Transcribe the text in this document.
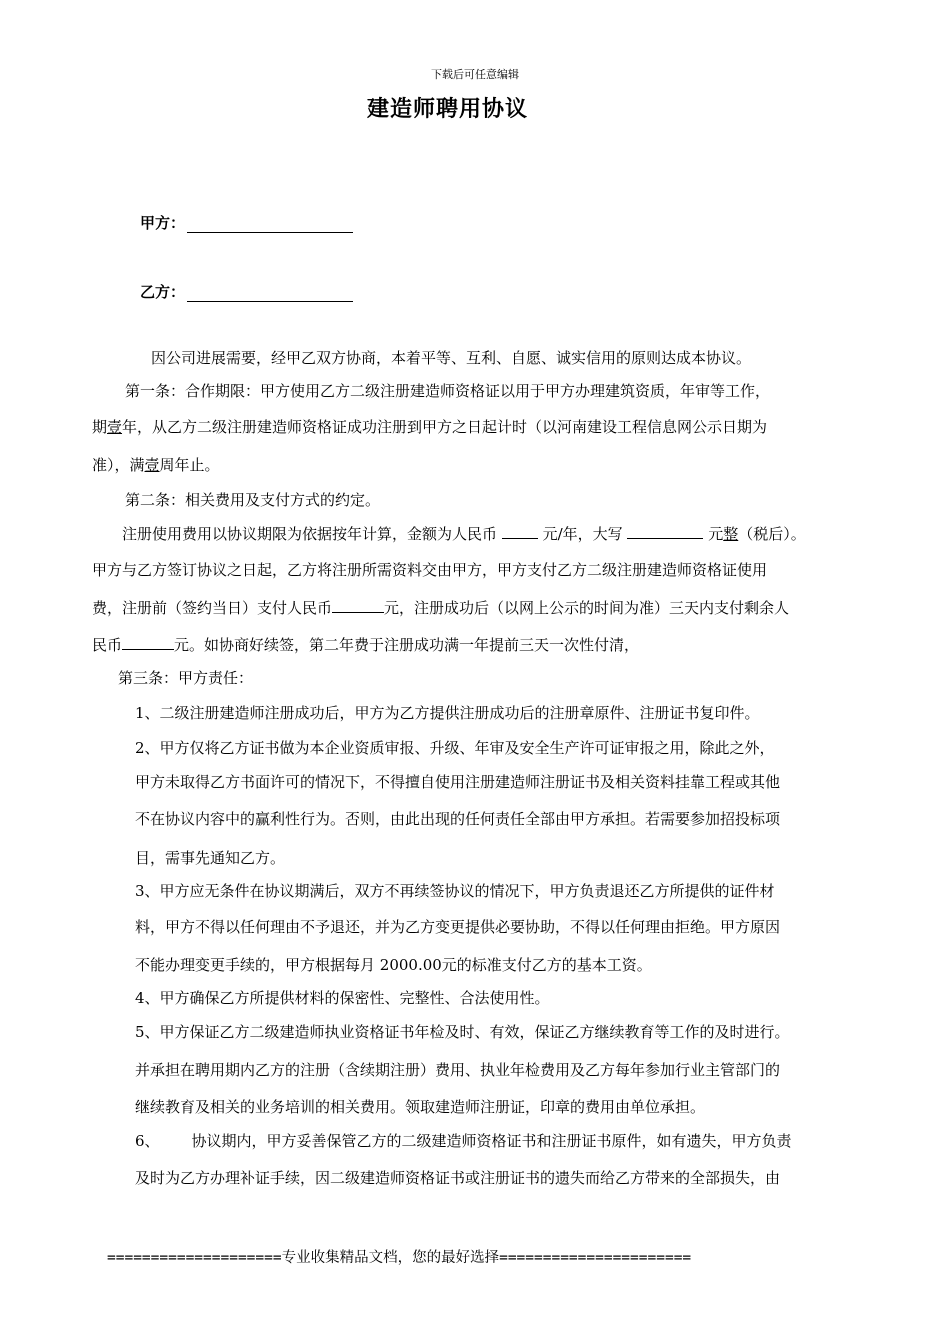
下载后可任意编辑
建造师聘用协议
甲方：
乙方：
因公司进展需要，经甲乙双方协商，本着平等、互利、自愿、诚实信用的原则达成本协议。
第一条：合作期限：甲方使用乙方二级注册建造师资格证以用于甲方办理建筑资质，年审等工作，
期壹年，从乙方二级注册建造师资格证成功注册到甲方之日起计时（以河南建设工程信息网公示日期为
准），满壹周年止。
第二条：相关费用及支付方式的约定。
注册使用费用以协议期限为依据按年计算，金额为人民币	元/年，大写	元整（税后）。
甲方与乙方签订协议之日起，乙方将注册所需资料交由甲方，甲方支付乙方二级注册建造师资格证使用
费，注册前（签约当日）支付人民币	元，注册成功后（以网上公示的时间为准）三天内支付剩余人
民币	元。如协商好续签，第二年费于注册成功满一年提前三天一次性付清，
第三条：甲方责任：
1、二级注册建造师注册成功后，甲方为乙方提供注册成功后的注册章原件、注册证书复印件。
2、甲方仅将乙方证书做为本企业资质审报、升级、年审及安全生产许可证审报之用，除此之外，
甲方未取得乙方书面许可的情况下，不得擅自使用注册建造师注册证书及相关资料挂靠工程或其他
不在协议内容中的赢利性行为。否则，由此出现的任何责任全部由甲方承担。若需要参加招投标项
目，需事先通知乙方。
3、甲方应无条件在协议期满后，双方不再续签协议的情况下，甲方负责退还乙方所提供的证件材
料，甲方不得以任何理由不予退还，并为乙方变更提供必要协助，不得以任何理由拒绝。甲方原因
不能办理变更手续的，甲方根据每月 2000.00元的标准支付乙方的基本工资。
4、甲方确保乙方所提供材料的保密性、完整性、合法使用性。
5、甲方保证乙方二级建造师执业资格证书年检及时、有效，保证乙方继续教育等工作的及时进行。
并承担在聘用期内乙方的注册（含续期注册）费用、执业年检费用及乙方每年参加行业主管部门的
继续教育及相关的业务培训的相关费用。领取建造师注册证，印章的费用由单位承担。
6、 协议期内，甲方妥善保管乙方的二级建造师资格证书和注册证书原件，如有遗失，甲方负责
及时为乙方办理补证手续，因二级建造师资格证书或注册证书的遗失而给乙方带来的全部损失，由
====================专业收集精品文档，您的最好选择======================
